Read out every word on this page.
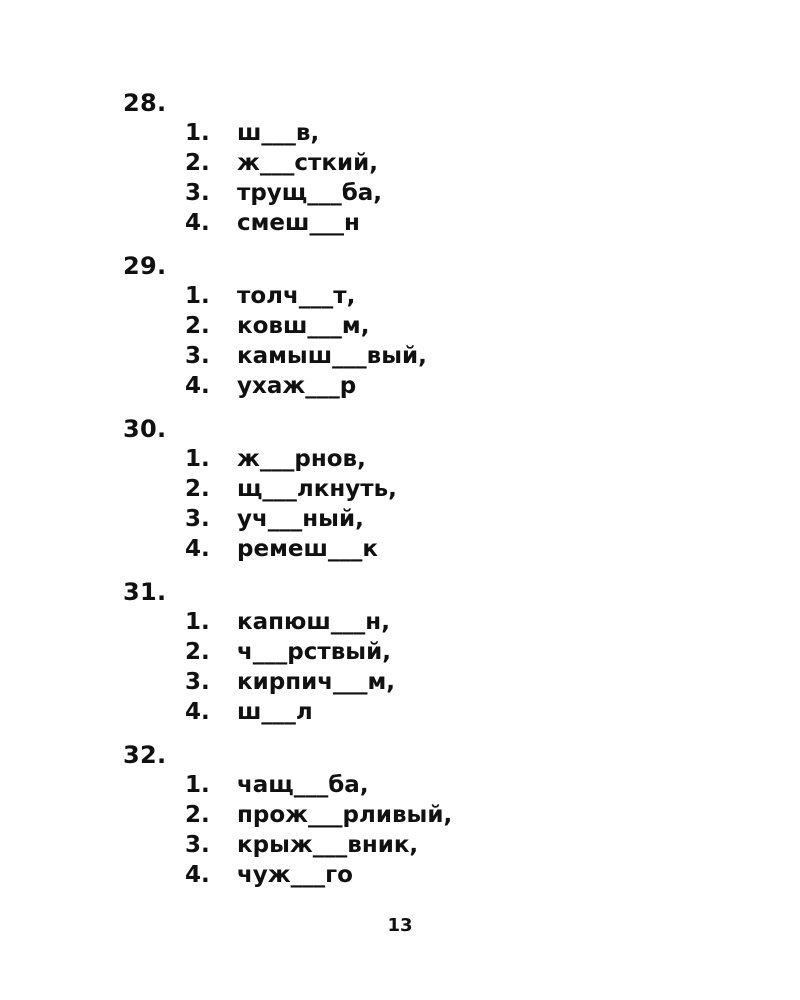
28.
1.	ш___в,
2.	ж___сткий,
3.	трущ___ба,
4.	смеш___н
29.
1.	толч___т,
2.	ковш___м,
3.	камыш___вый,
4.	ухаж___р
30.
1.	ж___рнов,
2.	щ___лкнуть,
3.	уч___ный,
4.	ремеш___к
31.
1.	капюш___н,
2.	ч___рствый,
3.	кирпич___м,
4.	ш___л
32.
1.	чащ___ба,
2.	прож___рливый,
3.	крыж___вник,
4.	чуж___го
13
